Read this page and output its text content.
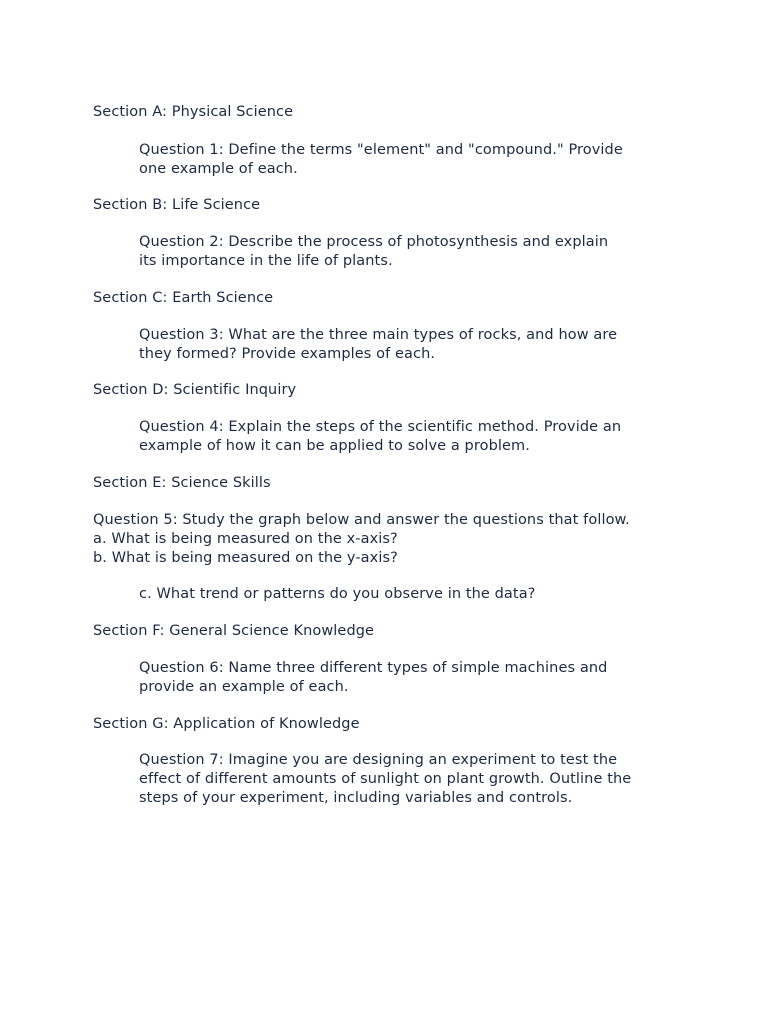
Section A: Physical Science
Question 1: Define the terms "element" and "compound." Provide
one example of each.
Section B: Life Science
Question 2: Describe the process of photosynthesis and explain
its importance in the life of plants.
Section C: Earth Science
Question 3: What are the three main types of rocks, and how are
they formed? Provide examples of each.
Section D: Scientific Inquiry
Question 4: Explain the steps of the scientific method. Provide an
example of how it can be applied to solve a problem.
Section E: Science Skills
Question 5: Study the graph below and answer the questions that follow.
a. What is being measured on the x-axis?
b. What is being measured on the y-axis?
c. What trend or patterns do you observe in the data?
Section F: General Science Knowledge
Question 6: Name three different types of simple machines and
provide an example of each.
Section G: Application of Knowledge
Question 7: Imagine you are designing an experiment to test the
effect of different amounts of sunlight on plant growth. Outline the
steps of your experiment, including variables and controls.
